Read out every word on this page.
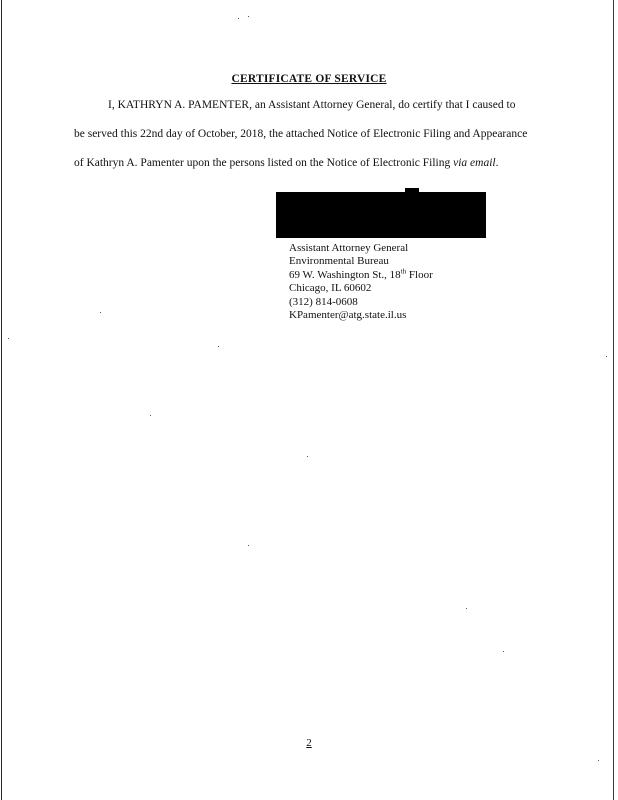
CERTIFICATE OF SERVICE
I, KATHRYN A. PAMENTER, an Assistant Attorney General, do certify that I caused to
be served this 22nd day of October, 2018, the attached Notice of Electronic Filing and Appearance
of Kathryn A. Pamenter upon the persons listed on the Notice of Electronic Filing via email.
Assistant Attorney General
Environmental Bureau
69 W. Washington St., 18th Floor
Chicago, IL 60602
(312) 814-0608
KPamenter@atg.state.il.us
2
